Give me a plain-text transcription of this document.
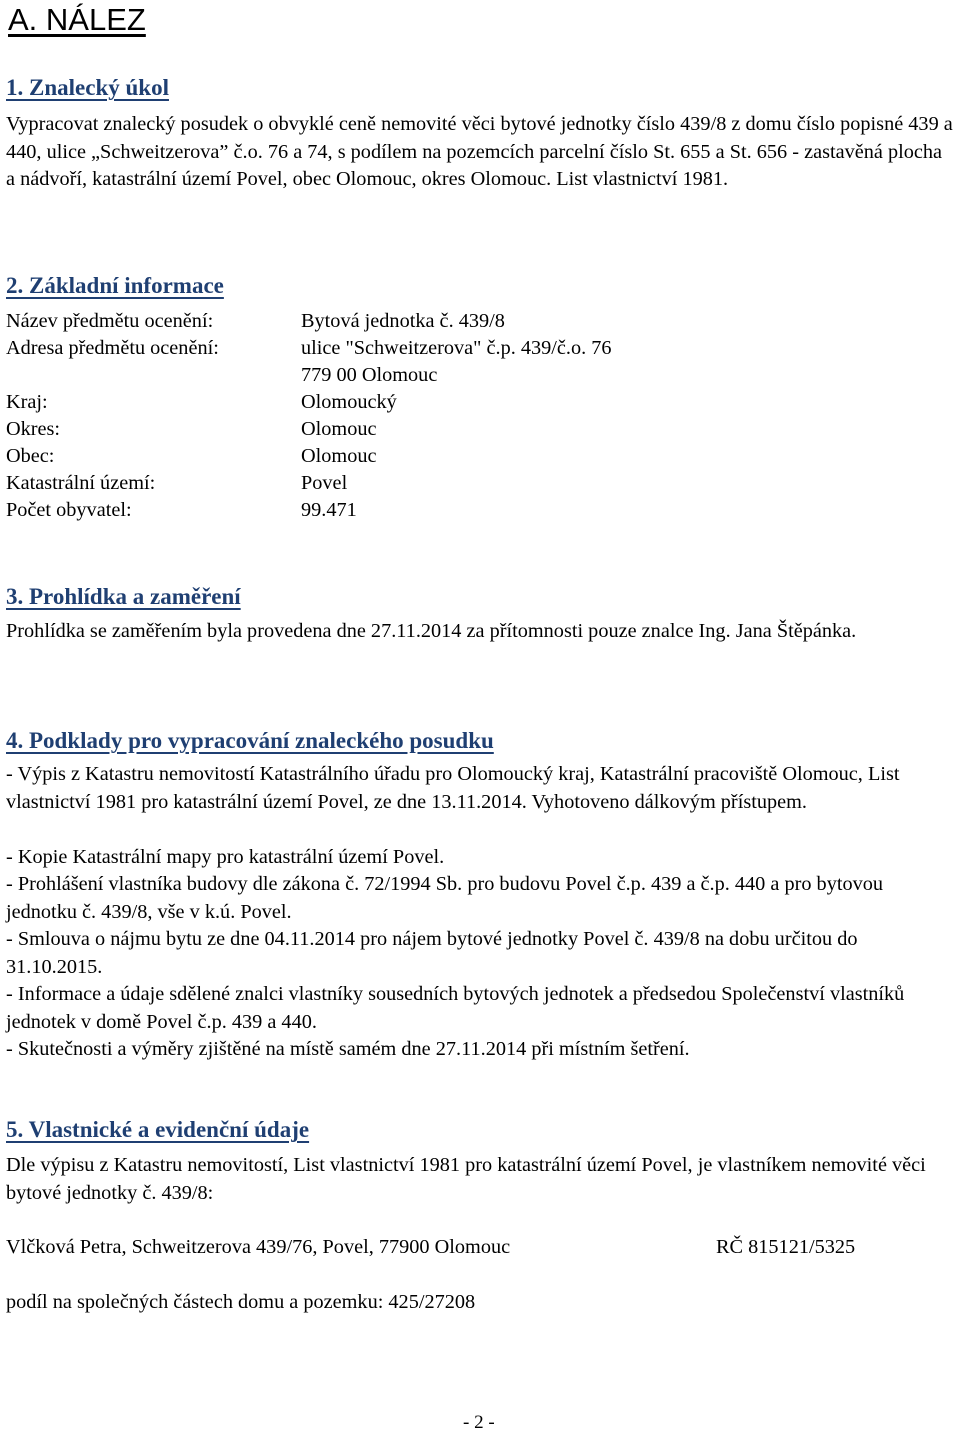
A. NÁLEZ
1. Znalecký úkol

Vypracovat znalecký posudek o obvyklé ceně nemovité věci bytové jednotky číslo 439/8 z domu číslo popisné 439 a 440, ulice „Schweitzerova” č.o. 76 a 74, s podílem na pozemcích parcelní číslo St. 655 a St. 656 - zastavěná plocha a nádvoří, katastrální území Povel, obec Olomouc, okres Olomouc. List vlastnictví 1981.

2. Základní informace
Název předmětu ocenění:	Bytová jednotka č. 439/8
Adresa předmětu ocenění:	ulice "Schweitzerova" č.p. 439/č.o. 76
779 00 Olomouc
Kraj:	Olomoucký
Okres:	Olomouc
Obec:	Olomouc
Katastrální území:	Povel
Počet obyvatel:	99.471
3. Prohlídka a zaměření

Prohlídka se zaměřením byla provedena dne 27.11.2014 za přítomnosti pouze znalce Ing. Jana Štěpánka.

4. Podklady pro vypracování znaleckého posudku

- Výpis z Katastru nemovitostí Katastrálního úřadu pro Olomoucký kraj, Katastrální pracoviště Olomouc, List vlastnictví 1981 pro katastrální území Povel, ze dne 13.11.2014. Vyhotoveno dálkovým přístupem.

- Kopie Katastrální mapy pro katastrální území Povel.

- Prohlášení vlastníka budovy dle zákona č. 72/1994 Sb. pro budovu Povel č.p. 439 a č.p. 440 a pro bytovou jednotku č. 439/8, vše v k.ú. Povel.

- Smlouva o nájmu bytu ze dne 04.11.2014 pro nájem bytové jednotky Povel č. 439/8 na dobu určitou do 31.10.2015.

- Informace a údaje sdělené znalci vlastníky sousedních bytových jednotek a předsedou Společenství vlastníků jednotek v domě Povel č.p. 439 a 440.

- Skutečnosti a výměry zjištěné na místě samém dne 27.11.2014 při místním šetření.

5. Vlastnické a evidenční údaje

Dle výpisu z Katastru nemovitostí, List vlastnictví 1981 pro katastrální území Povel, je vlastníkem nemovité věci bytové jednotky č. 439/8:

Vlčková Petra, Schweitzerova 439/76, Povel, 77900 Olomouc	RČ 815121/5325
podíl na společných částech domu a pozemku: 425/27208
- 2 -
